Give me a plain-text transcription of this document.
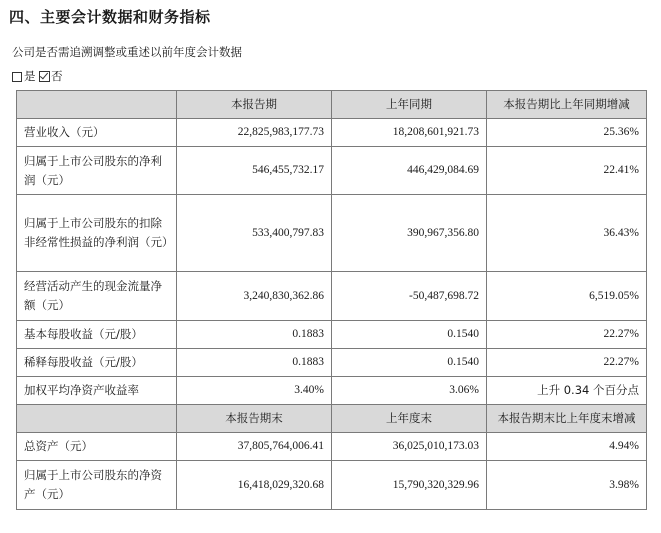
四、主要会计数据和财务指标
公司是否需追溯调整或重述以前年度会计数据
是 否
	本报告期	上年同期	本报告期比上年同期增减
营业收入（元）	22,825,983,177.73	18,208,601,921.73	25.36%
归属于上市公司股东的净利润（元）	546,455,732.17	446,429,084.69	22.41%
归属于上市公司股东的扣除非经常性损益的净利润（元）	533,400,797.83	390,967,356.80	36.43%
经营活动产生的现金流量净额（元）	3,240,830,362.86	-50,487,698.72	6,519.05%
基本每股收益（元/股）	0.1883	0.1540	22.27%
稀释每股收益（元/股）	0.1883	0.1540	22.27%
加权平均净资产收益率	3.40%	3.06%	上升 0.34 个百分点
	本报告期末	上年度末	本报告期末比上年度末增减
总资产（元）	37,805,764,006.41	36,025,010,173.03	4.94%
归属于上市公司股东的净资产（元）	16,418,029,320.68	15,790,320,329.96	3.98%
